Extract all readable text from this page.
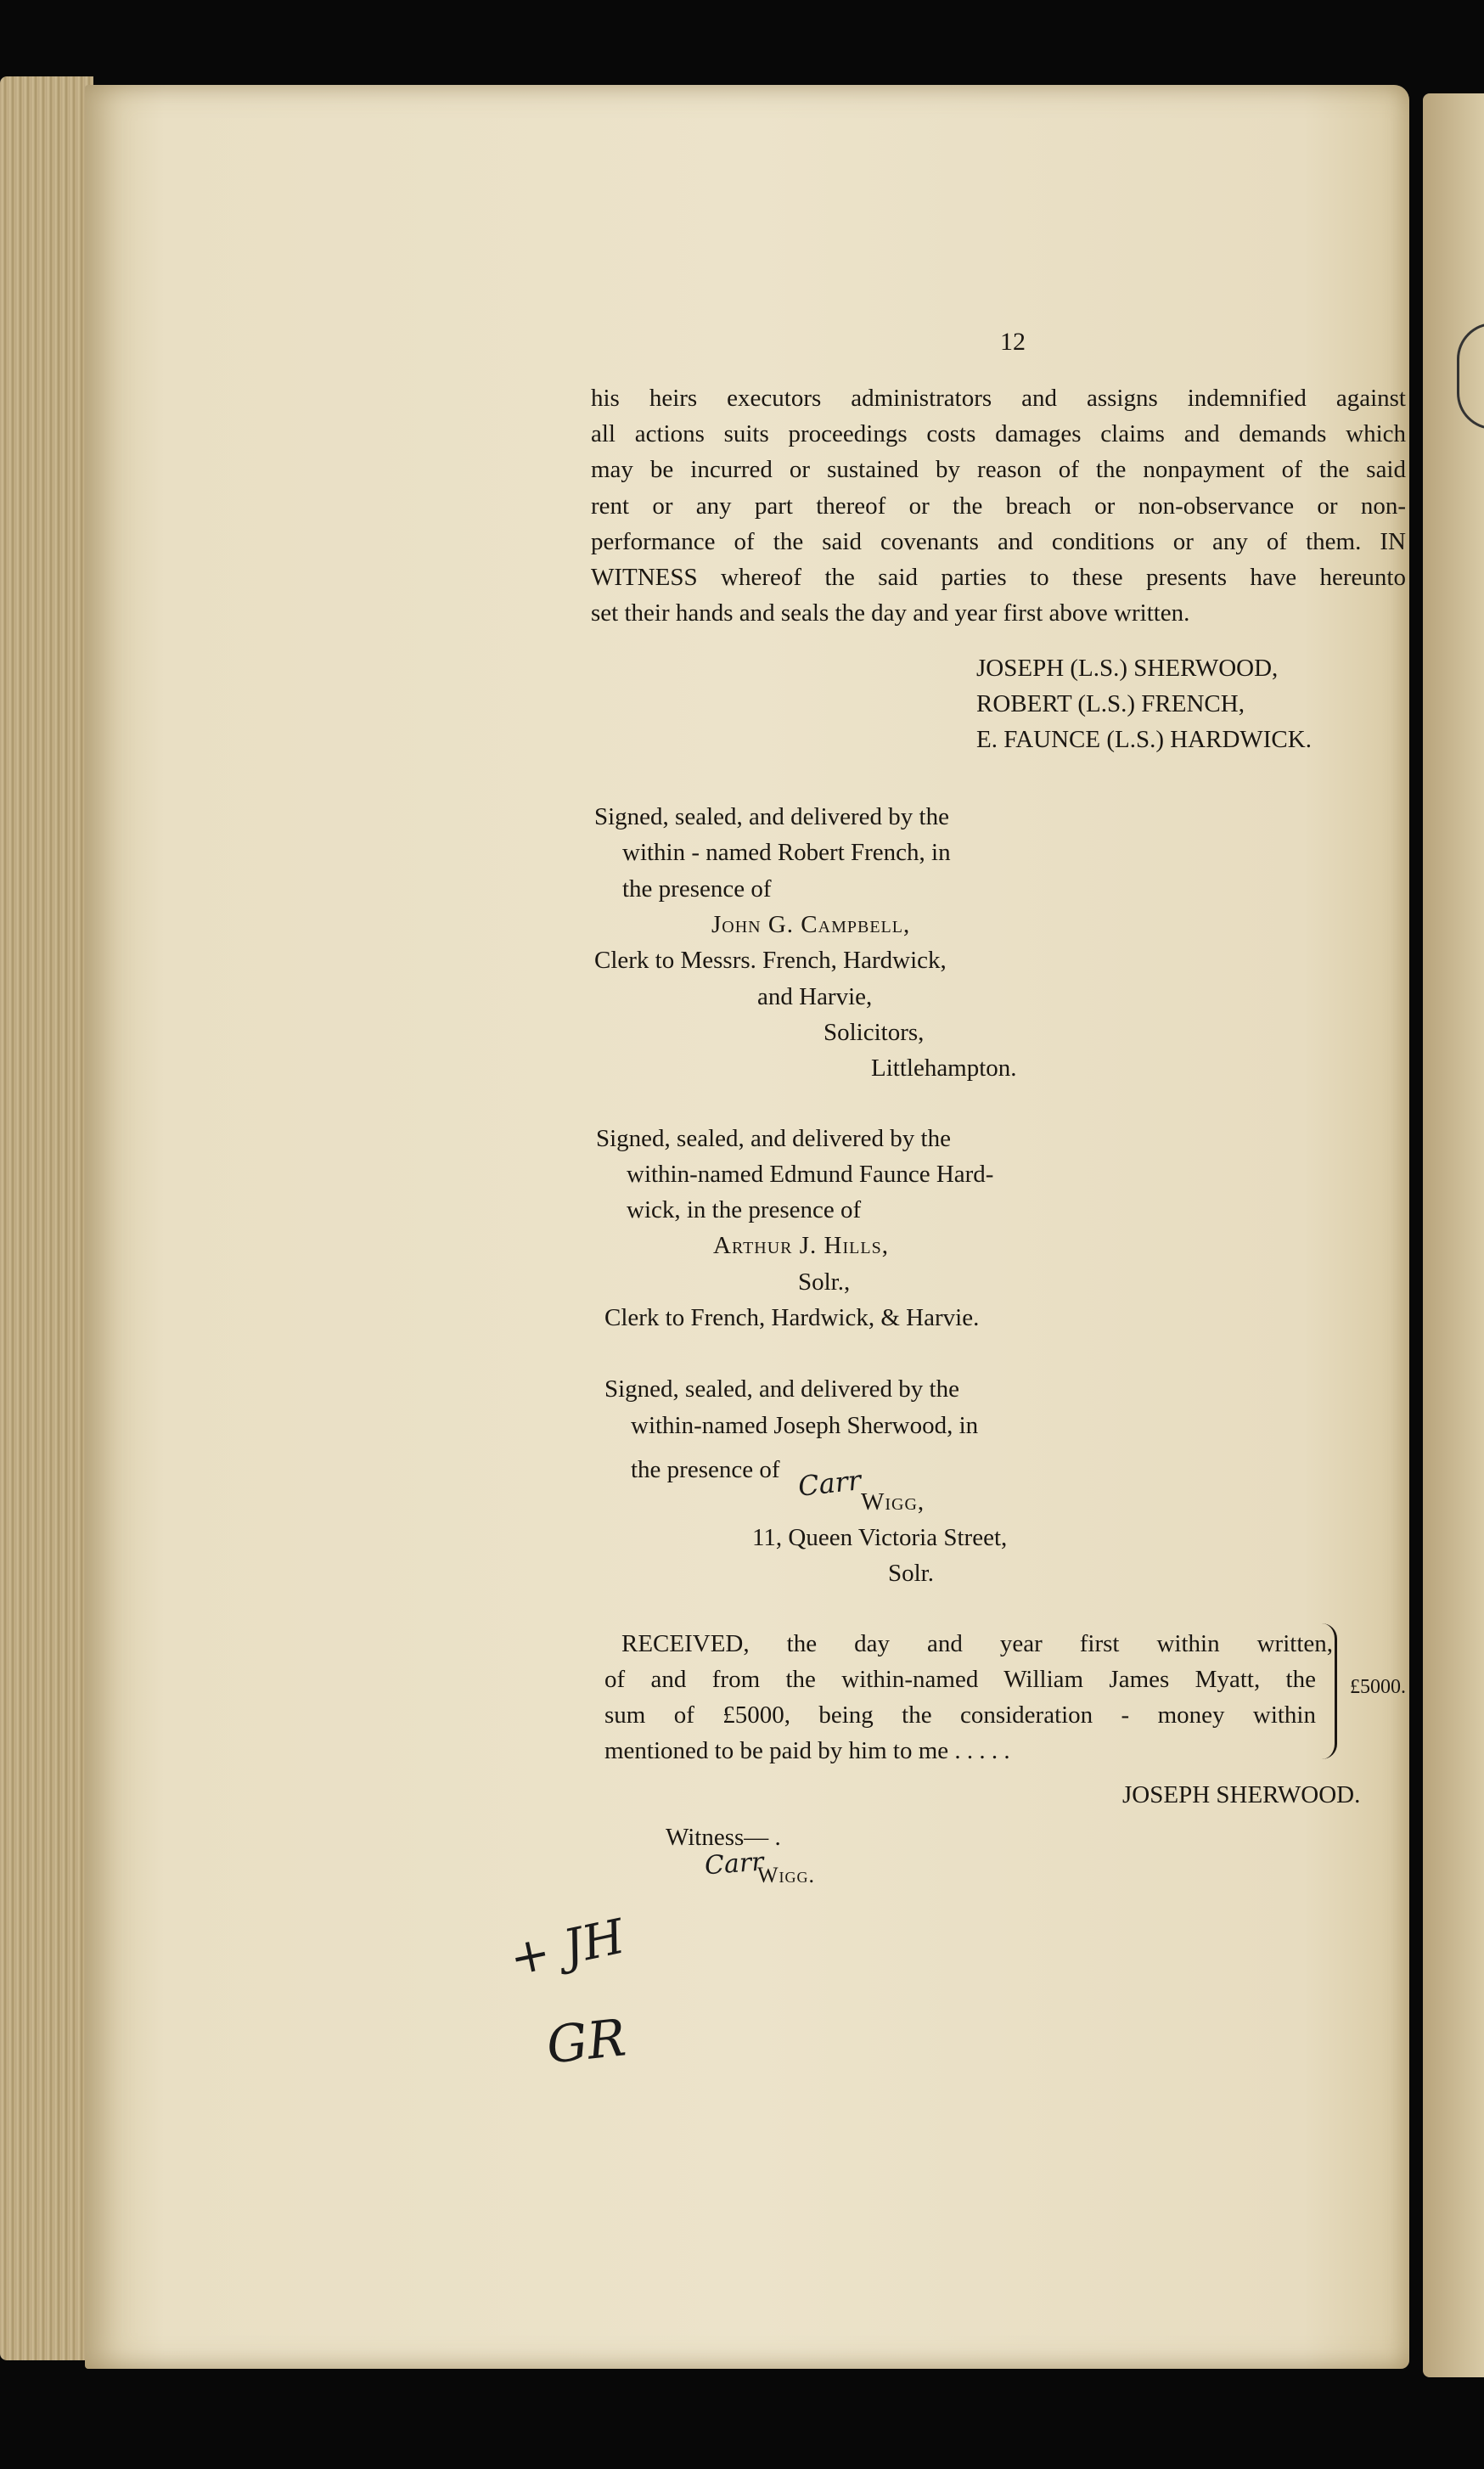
12
his heirs executors administrators and assigns indemnified against
all actions suits proceedings costs damages claims and demands which
may be incurred or sustained by reason of the nonpayment of the said
rent or any part thereof or the breach or non-observance or non-
performance of the said covenants and conditions or any of them. IN
WITNESS whereof the said parties to these presents have hereunto
set their hands and seals the day and year first above written.
JOSEPH (L.S.) SHERWOOD,
ROBERT (L.S.) FRENCH,
E. FAUNCE (L.S.) HARDWICK.
Signed, sealed, and delivered by the
within - named Robert French, in
the presence of
John G. Campbell,
Clerk to Messrs. French, Hardwick,
and Harvie,
Solicitors,
Littlehampton.
Signed, sealed, and delivered by the
within-named Edmund Faunce Hard-
wick, in the presence of
Arthur J. Hills,
Solr.,
Clerk to French, Hardwick, & Harvie.
Signed, sealed, and delivered by the
within-named Joseph Sherwood, in
the presence of Carr
Wigg,
11, Queen Victoria Street,
Solr.
RECEIVED, the day and year first within written,
of and from the within-named William James Myatt, the
sum of £5000, being the consideration - money within
mentioned to be paid by him to me . . . . .
£5000.
JOSEPH SHERWOOD.
Witness— .
Carr
Wigg.
+ JH
GR
